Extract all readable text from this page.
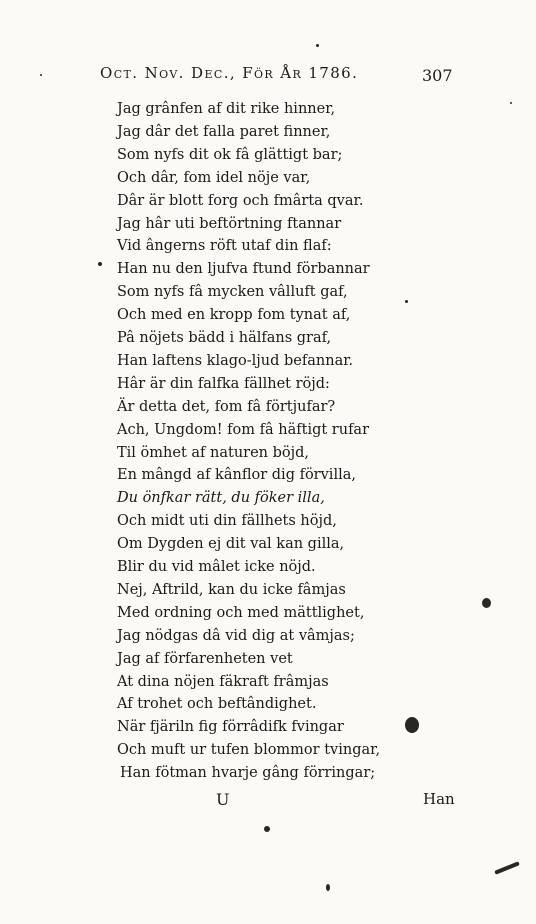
Oct. Nov. Dec., För År 1786.	307
Jag grânfen af dit rike hinner,
Jag dâr det falla paret finner,
Som nyfs dit ok fâ glättigt bar;
Och dâr, fom idel nöje var,
Dâr är blott forg och fmârta qvar.
Jag hâr uti beftörtning ftannar
Vid ângerns röft utaf din flaf:
Han nu den ljufva ftund förbannar
Som nyfs fâ mycken vâlluft gaf,
Och med en kropp fom tynat af,
Pâ nöjets bädd i hälfans graf,
Han laftens klago-ljud befannar.
Hâr är din falfka fällhet röjd:
Är detta det, fom fâ förtjufar?
Ach, Ungdom! fom fâ häftigt rufar
Til ömhet af naturen böjd,
En mângd af kânflor dig förvilla,
Du önfkar rätt, du föker illa,
Och midt uti din fällhets höjd,
Om Dygden ej dit val kan gilla,
Blir du vid mâlet icke nöjd.
Nej, Aftrild, kan du icke fâmjas
Med ordning och med mättlighet,
Jag nödgas dâ vid dig at vâmjas;
Jag af förfarenheten vet
At dina nöjen fäkraft frâmjas
Af trohet och beftândighet.
När fjäriln fig förrâdifk fvingar
Och muft ur tufen blommor tvingar,
Han fötman hvarje gâng förringar;
U	Han
